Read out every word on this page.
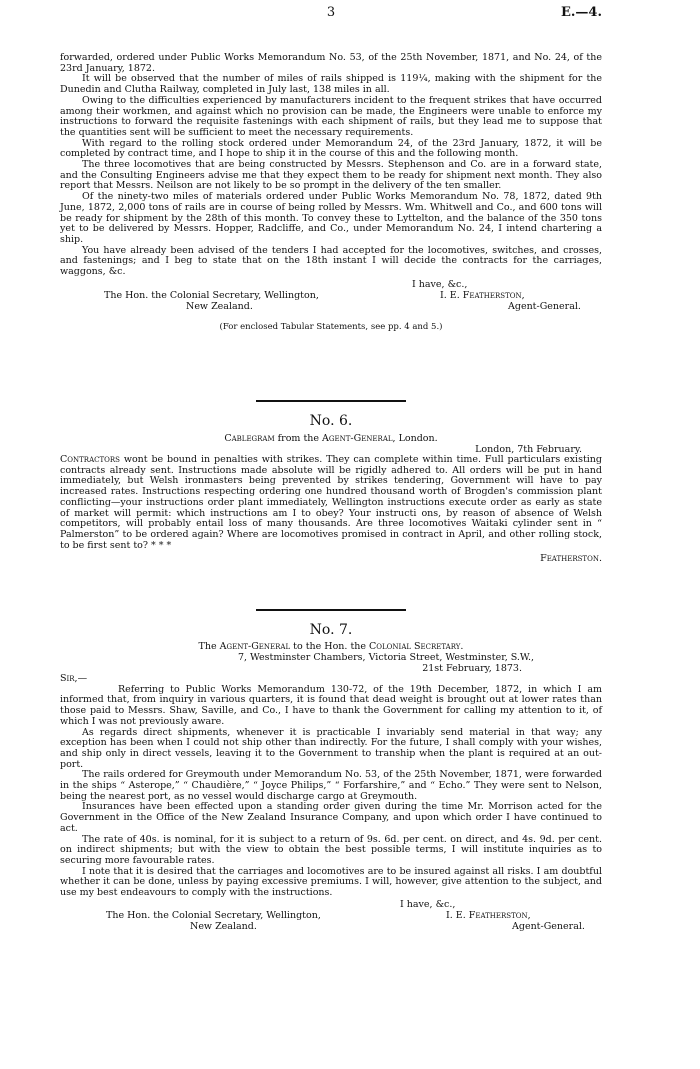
3	E.—4.

forwarded, ordered under Public Works Memorandum No. 53, of the 25th November, 1871, and No. 24, of the 23rd January, 1872.

It will be observed that the number of miles of rails shipped is 119¼, making with the shipment for the Dunedin and Clutha Railway, completed in July last, 138 miles in all.

Owing to the difficulties experienced by manufacturers incident to the frequent strikes that have occurred among their workmen, and against which no provision can be made, the Engineers were unable to enforce my instructions to forward the requisite fastenings with each shipment of rails, but they lead me to suppose that the quantities sent will be sufficient to meet the necessary requirements.

With regard to the rolling stock ordered under Memorandum 24, of the 23rd January, 1872, it will be completed by contract time, and I hope to ship it in the course of this and the following month.

The three locomotives that are being constructed by Messrs. Stephenson and Co. are in a forward state, and the Consulting Engineers advise me that they expect them to be ready for shipment next month. They also report that Messrs. Neilson are not likely to be so prompt in the delivery of the ten smaller.

Of the ninety-two miles of materials ordered under Public Works Memorandum No. 78, 1872, dated 9th June, 1872, 2,000 tons of rails are in course of being rolled by Messrs. Wm. Whitwell and Co., and 600 tons will be ready for shipment by the 28th of this month. To convey these to Lyttelton, and the balance of the 350 tons yet to be delivered by Messrs. Hopper, Radcliffe, and Co., under Memorandum No. 24, I intend chartering a ship.

You have already been advised of the tenders I had accepted for the locomotives, switches, and crosses, and fastenings; and I beg to state that on the 18th instant I will decide the contracts for the carriages, waggons, &c.

I have, &c.,
The Hon. the Colonial Secretary, Wellington,	I. E. Featherston,
New Zealand.	Agent-General.

(For enclosed Tabular Statements, see pp. 4 and 5.)

No. 6.

Cablegram from the Agent-General, London.

London, 7th February.

Contractors wont be bound in penalties with strikes. They can complete within time. Full particulars existing contracts already sent. Instructions made absolute will be rigidly adhered to. All orders will be put in hand immediately, but Welsh ironmasters being prevented by strikes tendering, Government will have to pay increased rates. Instructions respecting ordering one hundred thousand worth of Brogden's commission plant conflicting—your instructions order plant immediately, Wellington instructions execute order as early as state of market will permit: which instructions am I to obey? Your instructi ons, by reason of absence of Welsh competitors, will probably entail loss of many thousands. Are three locomotives Waitaki cylinder sent in “ Palmerston” to be ordered again? Where are locomotives promised in contract in April, and other rolling stock, to be first sent to? * * *

Featherston.

No. 7.

The Agent-General to the Hon. the Colonial Secretary.

7, Westminster Chambers, Victoria Street, Westminster, S.W.,

21st February, 1873.

Sir,—

Referring to Public Works Memorandum 130-72, of the 19th December, 1872, in which I am informed that, from inquiry in various quarters, it is found that dead weight is brought out at lower rates than those paid to Messrs. Shaw, Saville, and Co., I have to thank the Government for calling my attention to it, of which I was not previously aware.

As regards direct shipments, whenever it is practicable I invariably send material in that way; any exception has been when I could not ship other than indirectly. For the future, I shall comply with your wishes, and ship only in direct vessels, leaving it to the Government to tranship when the plant is required at an out-port.

The rails ordered for Greymouth under Memorandum No. 53, of the 25th November, 1871, were forwarded in the ships “ Asterope,” “ Chaudière,” “ Joyce Philips,” “ Forfarshire,” and “ Echo.” They were sent to Nelson, being the nearest port, as no vessel would discharge cargo at Greymouth.

Insurances have been effected upon a standing order given during the time Mr. Morrison acted for the Government in the Office of the New Zealand Insurance Company, and upon which order I have continued to act.

The rate of 40s. is nominal, for it is subject to a return of 9s. 6d. per cent. on direct, and 4s. 9d. per cent. on indirect shipments; but with the view to obtain the best possible terms, I will institute inquiries as to securing more favourable rates.

I note that it is desired that the carriages and locomotives are to be insured against all risks. I am doubtful whether it can be done, unless by paying excessive premiums. I will, however, give attention to the subject, and use my best endeavours to comply with the instructions.

I have, &c.,
The Hon. the Colonial Secretary, Wellington,	I. E. Featherston,
New Zealand.	Agent-General.
